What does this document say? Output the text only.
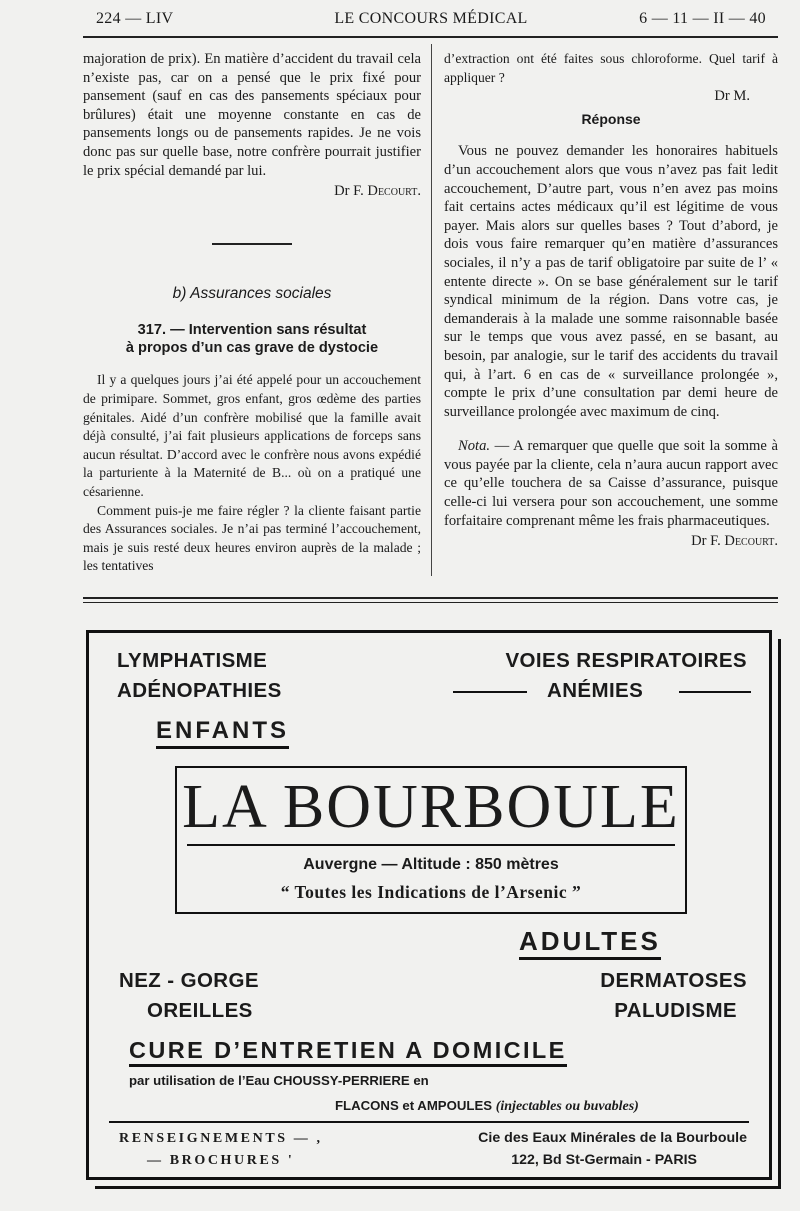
224 — LIV	LE CONCOURS MÉDICAL	6 — 11 — II — 40

majoration de prix). En matière d’accident du travail cela n’existe pas, car on a pensé que le prix fixé pour pansement (sauf en cas des pansements spéciaux pour brûlures) était une moyenne constante en cas de pansements longs ou de pansements rapides. Je ne vois donc pas sur quelle base, notre confrère pourrait justifier le prix spécial demandé par lui.

Dr F. Decourt.

b) Assurances sociales

317. — Intervention sans résultat
à propos d’un cas grave de dystocie

Il y a quelques jours j’ai été appelé pour un accouchement de primipare. Sommet, gros enfant, gros œdème des parties génitales. Aidé d’un confrère mobilisé que la famille avait déjà consulté, j’ai fait plusieurs applications de forceps sans aucun résultat. D’accord avec le confrère nous avons expédié la parturiente à la Maternité de B... où on a pratiqué une césarienne.

Comment puis-je me faire régler ? la cliente faisant partie des Assurances sociales. Je n’ai pas terminé l’accouchement, mais je suis resté deux heures environ auprès de la malade ; les tentatives

d’extraction ont été faites sous chloroforme. Quel tarif à appliquer ?

Dr M.

Réponse

Vous ne pouvez demander les honoraires habituels d’un accouchement alors que vous n’avez pas fait ledit accouchement, D’autre part, vous n’en avez pas moins fait certains actes médicaux qu’il est légitime de vous payer. Mais alors sur quelles bases ? Tout d’abord, je dois vous faire remarquer qu’en matière d’assurances sociales, il n’y a pas de tarif obligatoire par suite de l’ « entente directe ». On se base généralement sur le tarif syndical minimum de la région. Dans votre cas, je demanderais à la malade une somme raisonnable basée sur le temps que vous avez passé, en se basant, au besoin, par analogie, sur le tarif des accidents du travail qui, à l’art. 6 en cas de « surveillance prolongée », compte le prix d’une consultation par demi heure de surveillance prolongée avec maximum de cinq.

Nota. — A remarquer que quelle que soit la somme à vous payée par la cliente, cela n’aura aucun rapport avec ce qu’elle touchera de sa Caisse d’assurance, puisque celle-ci lui versera pour son accouchement, une somme forfaitaire comprenant même les frais pharmaceutiques.

Dr F. Decourt.

LYMPHATISME
ADÉNOPATHIES
VOIES RESPIRATOIRES
ANÉMIES
ENFANTS
LA BOURBOULE
Auvergne — Altitude : 850 mètres
“ Toutes les Indications de l’Arsenic ”
ADULTES
NEZ - GORGE
OREILLES
DERMATOSES
PALUDISME
CURE D’ENTRETIEN A DOMICILE
par utilisation de l’Eau CHOUSSY-PERRIERE en
FLACONS et AMPOULES (injectables ou buvables)
RENSEIGNEMENTS — ,
— BROCHURES '
Cie des Eaux Minérales de la Bourboule
122, Bd St-Germain - PARIS
